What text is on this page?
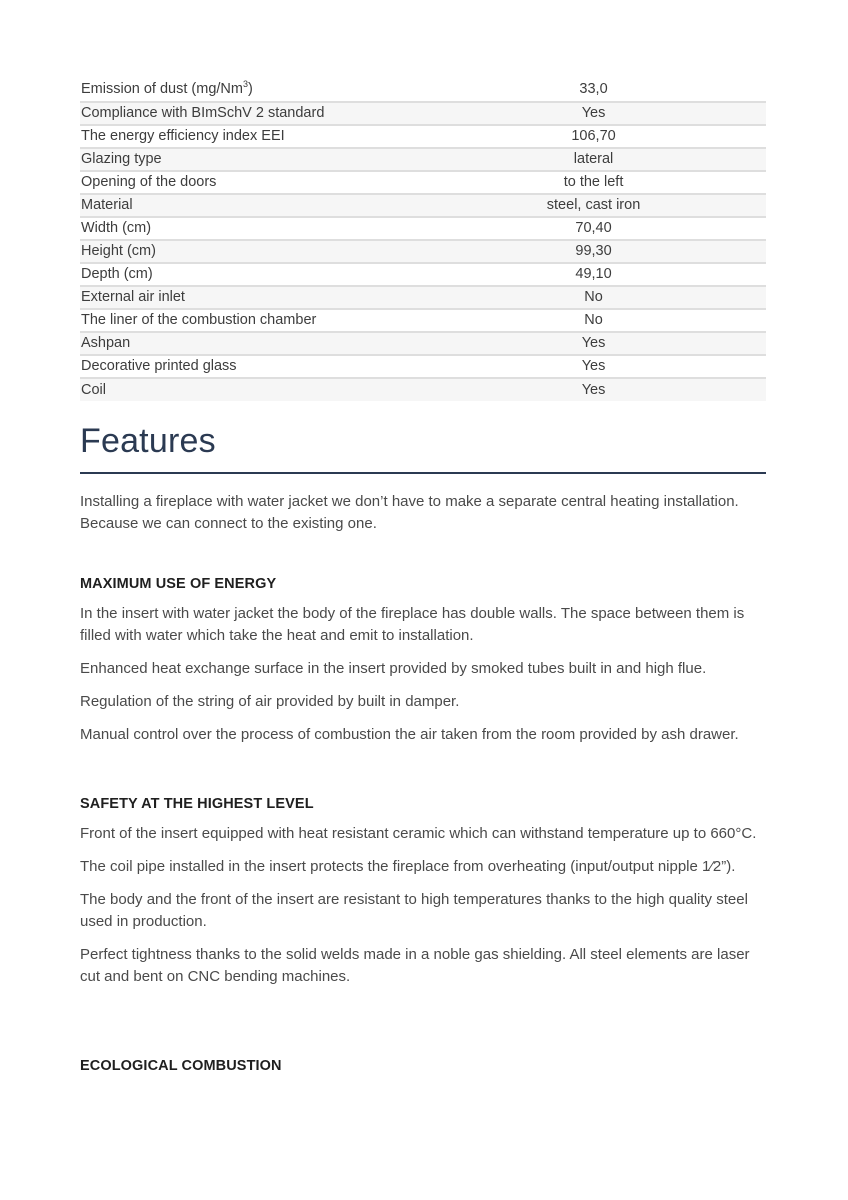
Emission of dust (mg/Nm$^3$)	33,0
Compliance with BImSchV 2 standard	Yes
The energy efficiency index EEI	106,70
Glazing type	lateral
Opening of the doors	to the left
Material	steel, cast iron
Width (cm)	70,40
Height (cm)	99,30
Depth (cm)	49,10
External air inlet	No
The liner of the combustion chamber	No
Ashpan	Yes
Decorative printed glass	Yes
Coil	Yes
Features

Installing a fireplace with water jacket we don’t have to make a separate central heating installation. Because we can connect to the existing one.

MAXIMUM USE OF ENERGY

In the insert with water jacket the body of the fireplace has double walls. The space between them is filled with water which take the heat and emit to installation.

Enhanced heat exchange surface in the insert provided by smoked tubes built in and high flue.

Regulation of the string of air provided by built in damper.

Manual control over the process of combustion the air taken from the room provided by ash drawer.

SAFETY AT THE HIGHEST LEVEL

Front of the insert equipped with heat resistant ceramic which can withstand temperature up to 660°C.

The coil pipe installed in the insert protects the fireplace from overheating (input/output nipple 1⁄2”).

The body and the front of the insert are resistant to high temperatures thanks to the high quality steel used in production.

Perfect tightness thanks to the solid welds made in a noble gas shielding. All steel elements are laser cut and bent on CNC bending machines.

ECOLOGICAL COMBUSTION
